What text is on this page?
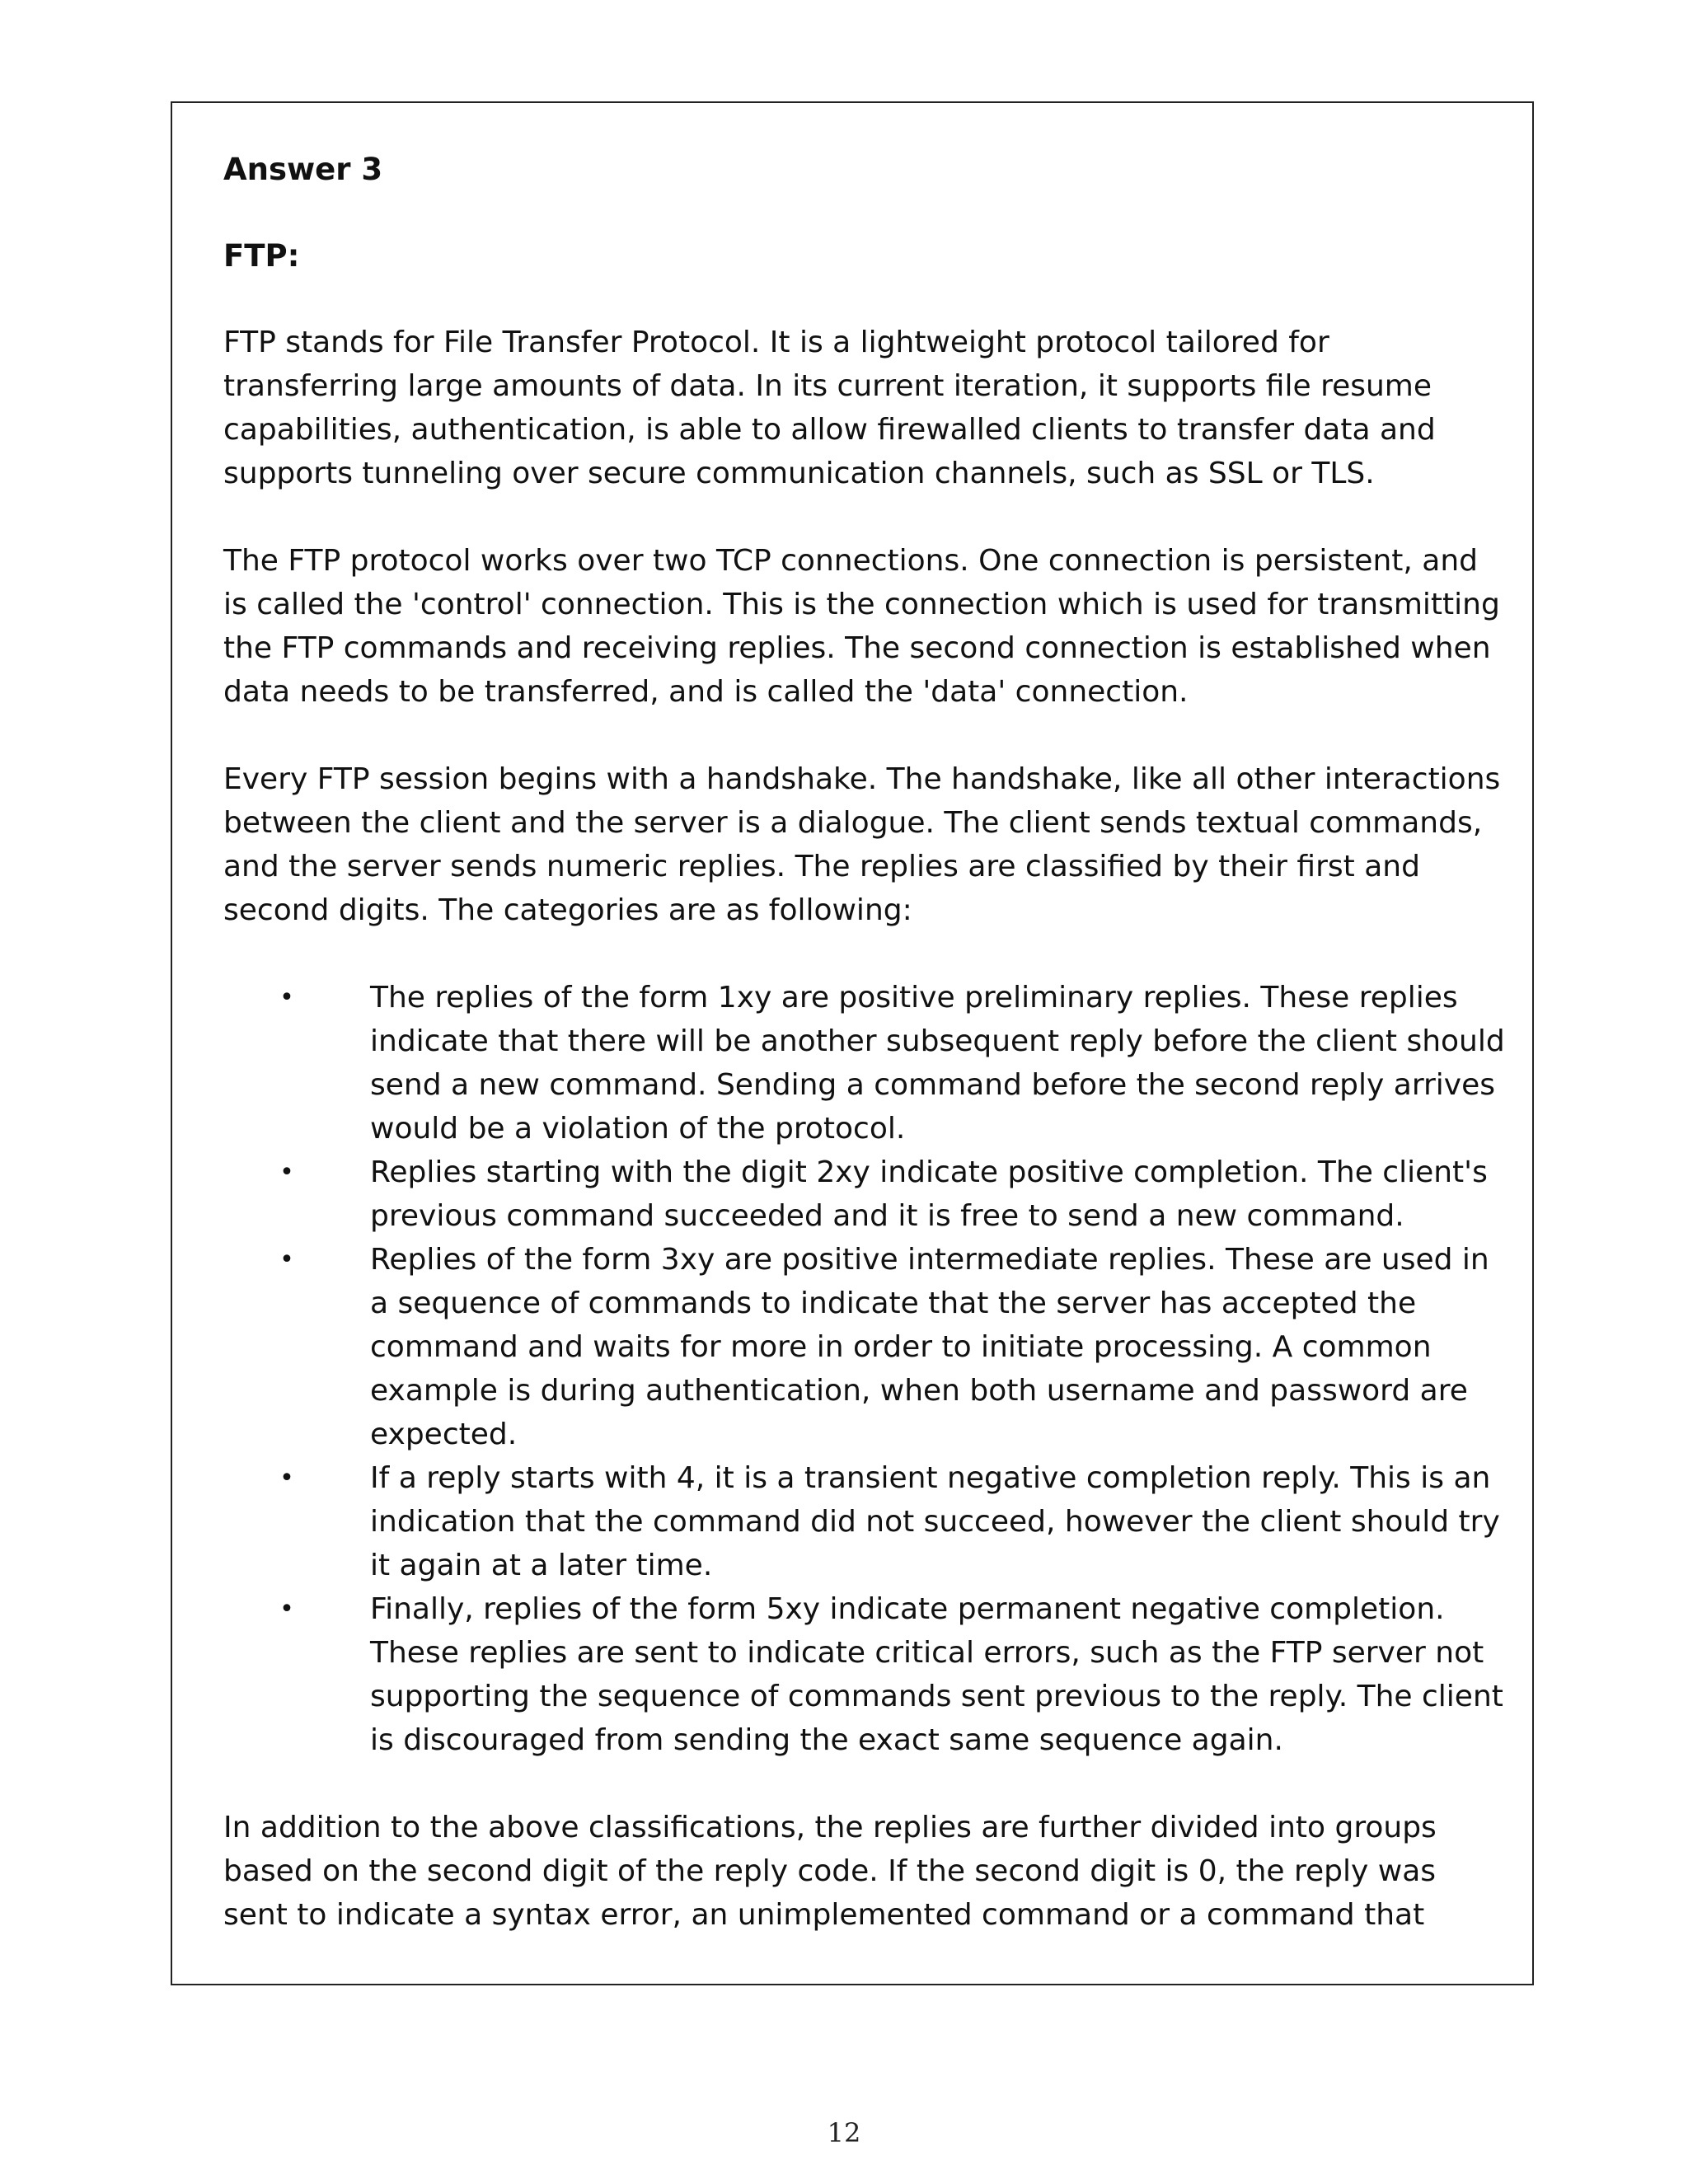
Answer 3

FTP:

FTP stands for File Transfer Protocol. It is a lightweight protocol tailored for transferring large amounts of data. In its current iteration, it supports file resume capabilities, authentication, is able to allow firewalled clients to transfer data and supports tunneling over secure communication channels, such as SSL or TLS.

The FTP protocol works over two TCP connections. One connection is persistent, and is called the 'control' connection. This is the connection which is used for transmitting the FTP commands and receiving replies. The second connection is established when data needs to be transferred, and is called the 'data' connection.

Every FTP session begins with a handshake. The handshake, like all other interactions between the client and the server is a dialogue. The client sends textual commands, and the server sends numeric replies. The replies are classified by their first and second digits. The categories are as following:

•	The replies of the form 1xy are positive preliminary replies. These replies indicate that there will be another subsequent reply before the client should send a new command. Sending a command before the second reply arrives would be a violation of the protocol.
•	Replies starting with the digit 2xy indicate positive completion. The client's previous command succeeded and it is free to send a new command.
•	Replies of the form 3xy are positive intermediate replies. These are used in a sequence of commands to indicate that the server has accepted the command and waits for more in order to initiate processing. A common example is during authentication, when both username and password are expected.
•	If a reply starts with 4, it is a transient negative completion reply. This is an indication that the command did not succeed, however the client should try it again at a later time.
•	Finally, replies of the form 5xy indicate permanent negative completion. These replies are sent to indicate critical errors, such as the FTP server not supporting the sequence of commands sent previous to the reply. The client is discouraged from sending the exact same sequence again.

In addition to the above classifications, the replies are further divided into groups based on the second digit of the reply code. If the second digit is 0, the reply was sent to indicate a syntax error, an unimplemented command or a command that

12
